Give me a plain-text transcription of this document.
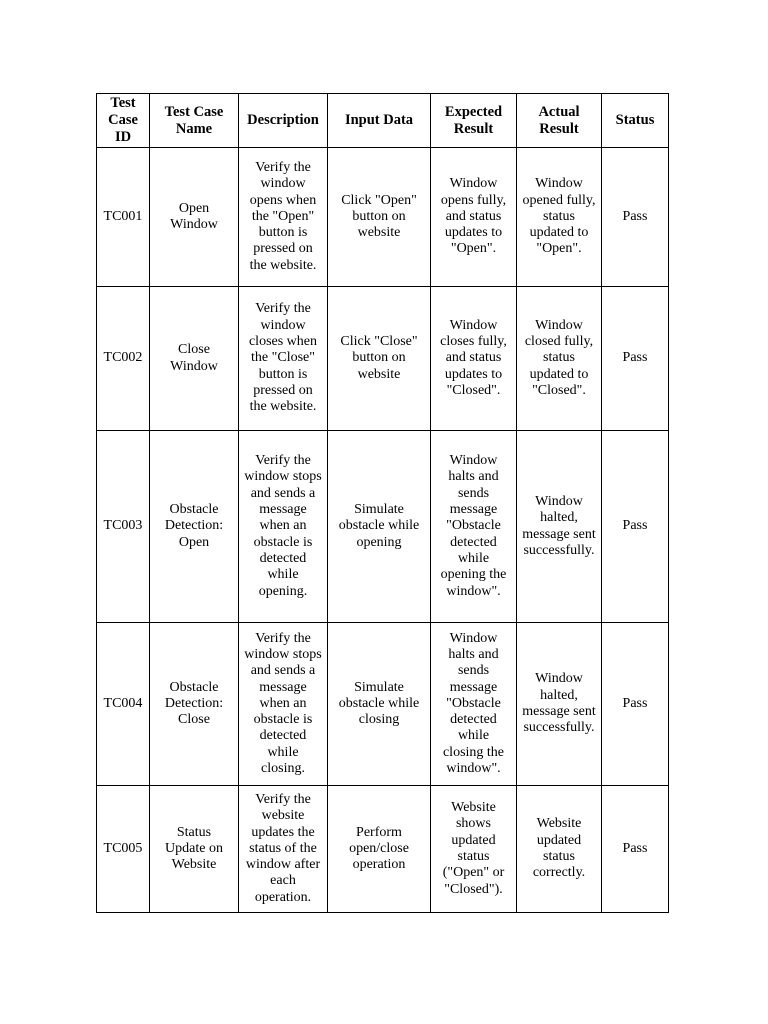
Test Case ID	Test Case Name	Description	Input Data	Expected Result	Actual Result	Status
TC001	Open Window	Verify the window opens when the "Open" button is pressed on the website.	Click "Open" button on website	Window opens fully, and status updates to "Open".	Window opened fully, status updated to "Open".	Pass
TC002	Close Window	Verify the window closes when the "Close" button is pressed on the website.	Click "Close" button on website	Window closes fully, and status updates to "Closed".	Window closed fully, status updated to "Closed".	Pass
TC003	Obstacle Detection: Open	Verify the window stops and sends a message when an obstacle is detected while opening.	Simulate obstacle while opening	Window halts and sends message "Obstacle detected while opening the window".	Window halted, message sent successfully.	Pass
TC004	Obstacle Detection: Close	Verify the window stops and sends a message when an obstacle is detected while closing.	Simulate obstacle while closing	Window halts and sends message "Obstacle detected while closing the window".	Window halted, message sent successfully.	Pass
TC005	Status Update on Website	Verify the website updates the status of the window after each operation.	Perform open/close operation	Website shows updated status ("Open" or "Closed").	Website updated status correctly.	Pass
